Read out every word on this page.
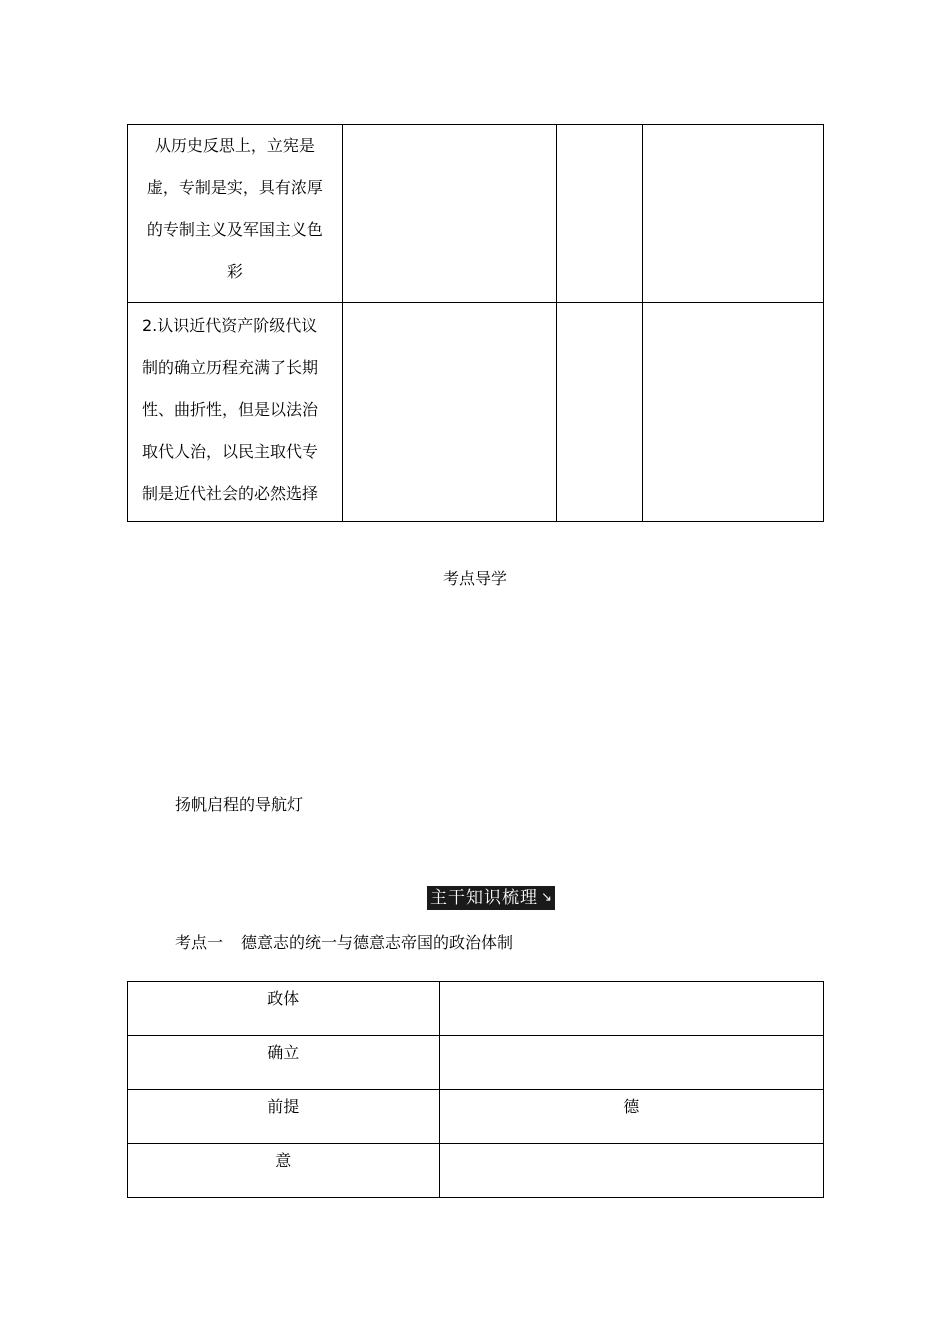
从历史反思上，立宪是虚，专制是实，具有浓厚的专制主义及军国主义色彩			

2.认识近代资产阶级代议制的确立历程充满了长期性、曲折性，但是以法治取代人治，以民主取代专制是近代社会的必然选择			

考点导学
扬帆启程的导航灯
主干知识梳理 ↘
考点一 德意志的统一与德意志帝国的政治体制
政体	

确立	

前提	德

意	
